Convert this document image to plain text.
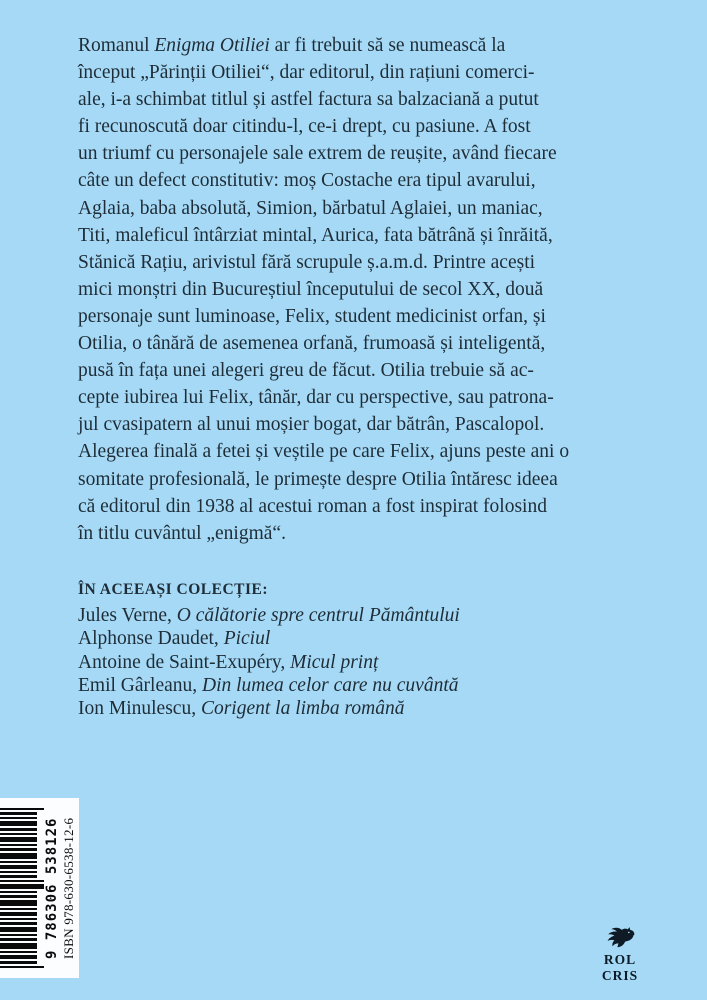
Romanul Enigma Otiliei ar fi trebuit să se numească la
început „Părinții Otiliei“, dar editorul, din rațiuni comerci-
ale, i-a schimbat titlul și astfel factura sa balzaciană a putut
fi recunoscută doar citindu-l, ce-i drept, cu pasiune. A fost
un triumf cu personajele sale extrem de reușite, având fiecare
câte un defect constitutiv: moș Costache era tipul avarului,
Aglaia, baba absolută, Simion, bărbatul Aglaiei, un maniac,
Titi, maleficul întârziat mintal, Aurica, fata bătrână și înrăită,
Stănică Rațiu, arivistul fără scrupule ș.a.m.d. Printre acești
mici monștri din Bucureștiul începutului de secol XX, două
personaje sunt luminoase, Felix, student medicinist orfan, și
Otilia, o tânără de asemenea orfană, frumoasă și inteligentă,
pusă în fața unei alegeri greu de făcut. Otilia trebuie să ac-
cepte iubirea lui Felix, tânăr, dar cu perspective, sau patrona-
jul cvasipatern al unui moșier bogat, dar bătrân, Pascalopol.
Alegerea finală a fetei și veștile pe care Felix, ajuns peste ani o
somitate profesională, le primește despre Otilia întăresc ideea
că editorul din 1938 al acestui roman a fost inspirat folosind
în titlu cuvântul „enigmă“.
ÎN ACEEAȘI COLECȚIE:
Jules Verne, O călătorie spre centrul Pământului
Alphonse Daudet, Piciul
Antoine de Saint-Exupéry, Micul prinț
Emil Gârleanu, Din lumea celor care nu cuvântă
Ion Minulescu, Corigent la limba română
9 786306 538126 ISBN 978-630-6538-12-6
ROL
CRIS
